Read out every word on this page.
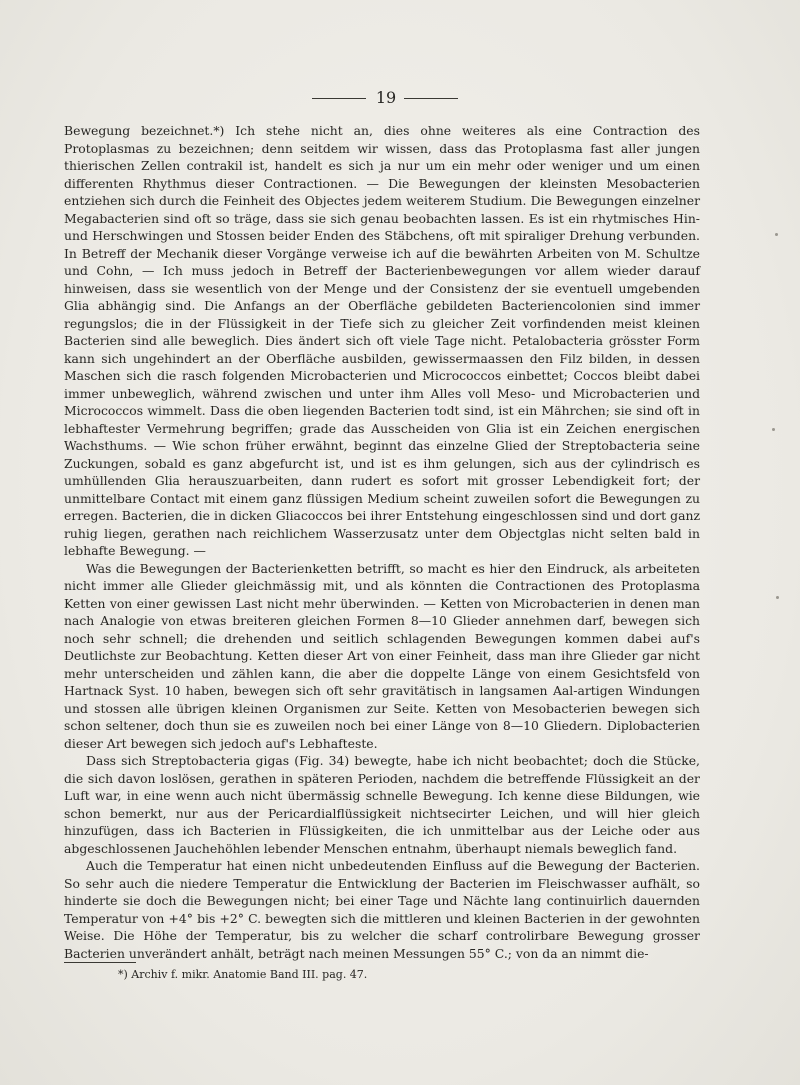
19

Bewegung bezeichnet.*) Ich stehe nicht an, dies ohne weiteres als eine Contraction des Protoplasmas zu bezeichnen; denn seitdem wir wissen, dass das Protoplasma fast aller jungen thierischen Zellen contrakil ist, handelt es sich ja nur um ein mehr oder weniger und um einen differenten Rhythmus dieser Contractionen. — Die Bewegungen der kleinsten Mesobacterien entziehen sich durch die Feinheit des Objectes jedem weiterem Studium. Die Bewegungen einzelner Megabacterien sind oft so träge, dass sie sich genau beobachten lassen. Es ist ein rhytmisches Hin- und Herschwingen und Stossen beider Enden des Stäbchens, oft mit spiraliger Drehung verbunden. In Betreff der Mechanik dieser Vorgänge verweise ich auf die bewährten Arbeiten von M. Schultze und Cohn, — Ich muss jedoch in Betreff der Bacterienbewegungen vor allem wieder darauf hinweisen, dass sie wesentlich von der Menge und der Consistenz der sie eventuell umgebenden Glia abhängig sind. Die Anfangs an der Oberfläche gebildeten Bacteriencolonien sind immer regungslos; die in der Flüssigkeit in der Tiefe sich zu gleicher Zeit vorfindenden meist kleinen Bacterien sind alle beweglich. Dies ändert sich oft viele Tage nicht. Petalobacteria grösster Form kann sich ungehindert an der Oberfläche ausbilden, gewissermaassen den Filz bilden, in dessen Maschen sich die rasch folgenden Microbacterien und Micrococcos einbettet; Coccos bleibt dabei immer unbeweglich, während zwischen und unter ihm Alles voll Meso- und Microbacterien und Micrococcos wimmelt. Dass die oben liegenden Bacterien todt sind, ist ein Mährchen; sie sind oft in lebhaftester Vermehrung begriffen; grade das Ausscheiden von Glia ist ein Zeichen energischen Wachsthums. — Wie schon früher erwähnt, beginnt das einzelne Glied der Streptobacteria seine Zuckungen, sobald es ganz abgefurcht ist, und ist es ihm gelungen, sich aus der cylindrisch es umhüllenden Glia herauszuarbeiten, dann rudert es sofort mit grosser Lebendigkeit fort; der unmittelbare Contact mit einem ganz flüssigen Medium scheint zuweilen sofort die Bewegungen zu erregen. Bacterien, die in dicken Gliacoccos bei ihrer Entstehung eingeschlossen sind und dort ganz ruhig liegen, gerathen nach reichlichem Wasserzusatz unter dem Objectglas nicht selten bald in lebhafte Bewegung. —

Was die Bewegungen der Bacterienketten betrifft, so macht es hier den Eindruck, als arbeiteten nicht immer alle Glieder gleichmässig mit, und als könnten die Contractionen des Protoplasma Ketten von einer gewissen Last nicht mehr überwinden. — Ketten von Microbacterien in denen man nach Analogie von etwas breiteren gleichen Formen 8—10 Glieder annehmen darf, bewegen sich noch sehr schnell; die drehenden und seitlich schlagenden Bewegungen kommen dabei auf's Deutlichste zur Beobachtung. Ketten dieser Art von einer Feinheit, dass man ihre Glieder gar nicht mehr unterscheiden und zählen kann, die aber die doppelte Länge von einem Gesichtsfeld von Hartnack Syst. 10 haben, bewegen sich oft sehr gravitätisch in langsamen Aal-artigen Windungen und stossen alle übrigen kleinen Organismen zur Seite. Ketten von Mesobacterien bewegen sich schon seltener, doch thun sie es zuweilen noch bei einer Länge von 8—10 Gliedern. Diplobacterien dieser Art bewegen sich jedoch auf's Lebhafteste.

Dass sich Streptobacteria gigas (Fig. 34) bewegte, habe ich nicht beobachtet; doch die Stücke, die sich davon loslösen, gerathen in späteren Perioden, nachdem die betreffende Flüssigkeit an der Luft war, in eine wenn auch nicht übermässig schnelle Bewegung. Ich kenne diese Bildungen, wie schon bemerkt, nur aus der Pericardialflüssigkeit nichtsecirter Leichen, und will hier gleich hinzufügen, dass ich Bacterien in Flüssigkeiten, die ich unmittelbar aus der Leiche oder aus abgeschlossenen Jauchehöhlen lebender Menschen entnahm, überhaupt niemals beweglich fand.

Auch die Temperatur hat einen nicht unbedeutenden Einfluss auf die Bewegung der Bacterien. So sehr auch die niedere Temperatur die Entwicklung der Bacterien im Fleischwasser aufhält, so hinderte sie doch die Bewegungen nicht; bei einer Tage und Nächte lang continuirlich dauernden Temperatur von +4° bis +2° C. bewegten sich die mittleren und kleinen Bacterien in der gewohnten Weise. Die Höhe der Temperatur, bis zu welcher die scharf controlirbare Bewegung grosser Bacterien unverändert anhält, beträgt nach meinen Messungen 55° C.; von da an nimmt die-

*) Archiv f. mikr. Anatomie Band III. pag. 47.
